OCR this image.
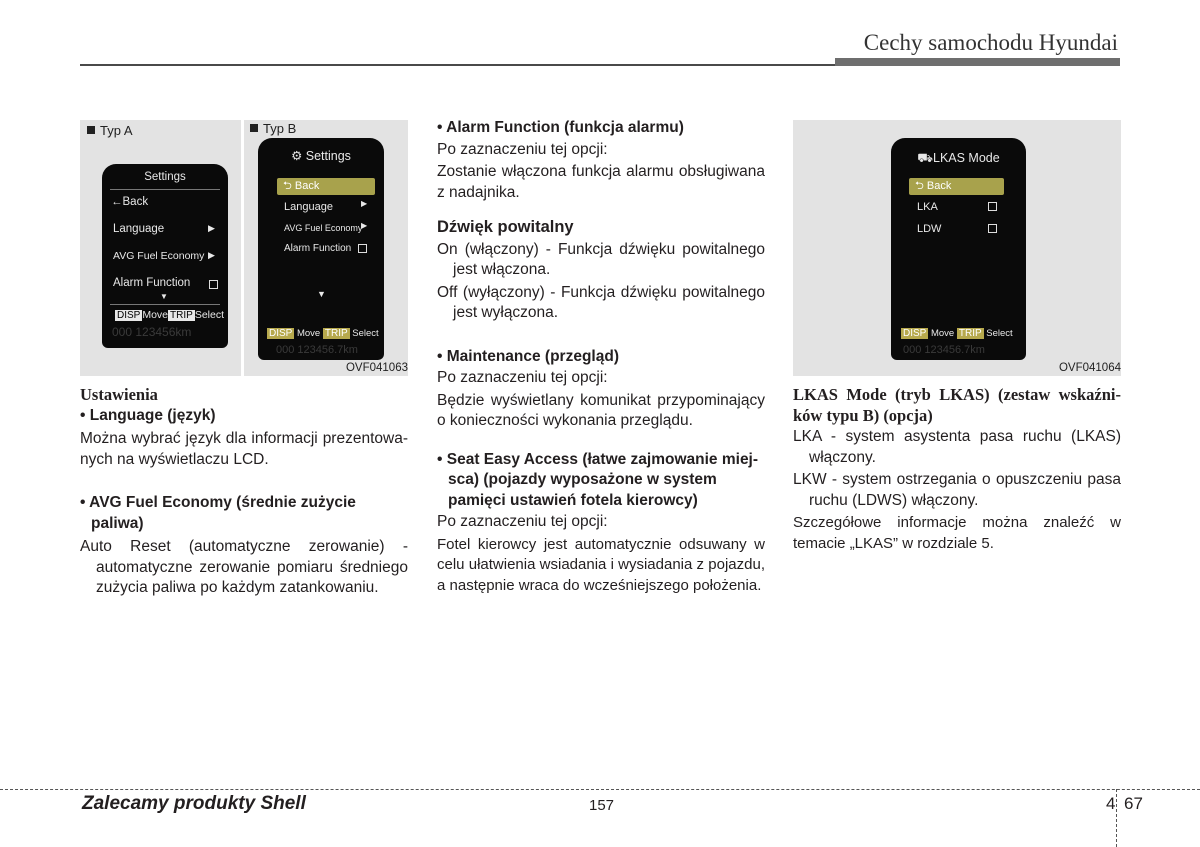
Cechy samochodu Hyundai
Typ A	Typ B
Settings
←Back
Language	▶
AVG Fuel Economy ▶
Alarm Function
▼
DISP Move TRIP Select
000 123456km
⚙ Settings
⮌ Back
Language	▶
AVG Fuel Economy
▶
Alarm Function
▼
DISP Move TRIP Select
000 123456.7km
OVF041063
⛟LKAS Mode
⮌ Back
LKA
LDW
DISP Move TRIP Select
000 123456.7km
OVF041064

Ustawienia

• Language (język)

Można wybrać język dla informacji prezentowanych na wyświetlaczu LCD.

• AVG Fuel Economy (średnie zużycie paliwa)

Auto Reset (automatyczne zerowanie) - automatyczne zerowanie pomiaru średniego zużycia paliwa po każdym zatankowaniu.

• Alarm Function (funkcja alarmu)

Po zaznaczeniu tej opcji:

Zostanie włączona funkcja alarmu obsługiwana z nadajnika.

Dźwięk powitalny

On (włączony) - Funkcja dźwięku powitalnego jest włączona.

Off (wyłączony) - Funkcja dźwięku powitalnego jest wyłączona.

• Maintenance (przegląd)

Po zaznaczeniu tej opcji:

Będzie wyświetlany komunikat przypominający o konieczności wykonania przeglądu.

• Seat Easy Access (łatwe zajmowanie miejsca) (pojazdy wyposażone w system pamięci ustawień fotela kierowcy)

Po zaznaczeniu tej opcji:

Fotel kierowcy jest automatycznie odsuwany w celu ułatwienia wsiadania i wysiadania z pojazdu, a następnie wraca do wcześniejszego położenia.

LKAS Mode (tryb LKAS) (zestaw wskaźników typu B) (opcja)

LKA - system asystenta pasa ruchu (LKAS) włączony.

LKW - system ostrzegania o opuszczeniu pasa ruchu (LDWS) włączony.

Szczegółowe informacje można znaleźć w temacie „LKAS” w rozdziale 5.

Zalecamy produkty Shell	157	4 67
